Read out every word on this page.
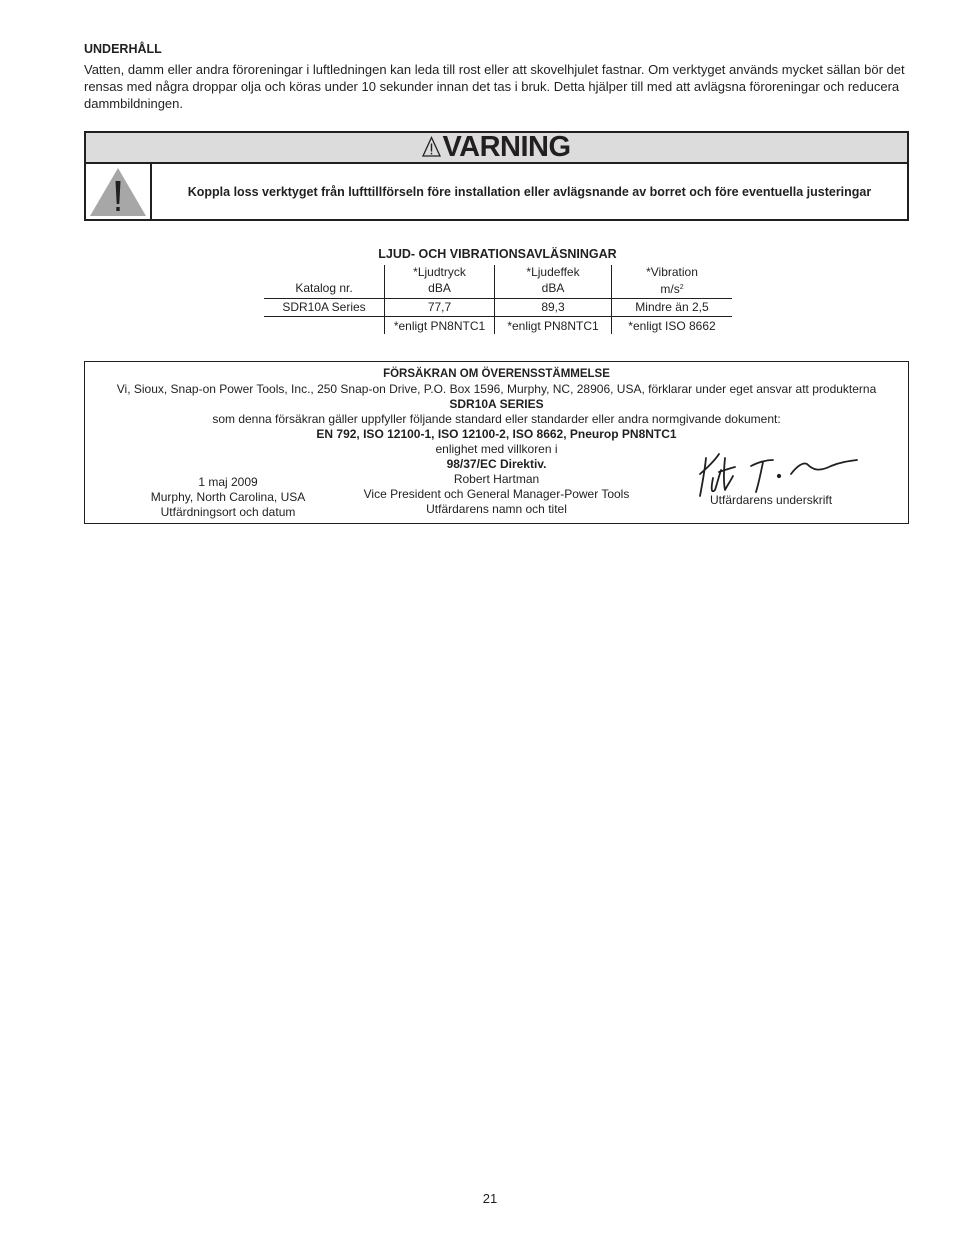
UNDERHÅLL

Vatten, damm eller andra föroreningar i luftledningen kan leda till rost eller att skovelhjulet fastnar. Om verktyget används mycket sällan bör det rensas med några droppar olja och köras under 10 sekunder innan det tas i bruk. Detta hjälper till med att avlägsna föroreningar och reducera dammbildningen.

VARNING
Koppla loss verktyget från lufttillförseln före installation eller avlägsnande av borret och före eventuella justeringar
LJUD- OCH VIBRATIONSAVLÄSNINGAR
	*Ljudtryck	*Ljudeffek	*Vibration
Katalog nr.	dBA	dBA	$m/s^2$
SDR10A Series	77,7	89,3	Mindre än 2,5
	*enligt PN8NTC1	*enligt PN8NTC1	*enligt ISO 8662
FÖRSÄKRAN OM ÖVERENSSTÄMMELSE
Vi, Sioux, Snap-on Power Tools, Inc., 250 Snap-on Drive, P.O. Box 1596, Murphy, NC, 28906, USA, förklarar under eget ansvar att produkterna
SDR10A SERIES
som denna försäkran gäller uppfyller följande standard eller standarder eller andra normgivande dokument:
EN 792, ISO 12100-1, ISO 12100-2, ISO 8662, Pneurop PN8NTC1
enlighet med villkoren i
98/37/EC Direktiv.
Robert Hartman
Vice President och General Manager-Power Tools
Utfärdarens namn och titel
1 maj 2009
Murphy, North Carolina, USA
Utfärdningsort och datum
Utfärdarens underskrift
21
